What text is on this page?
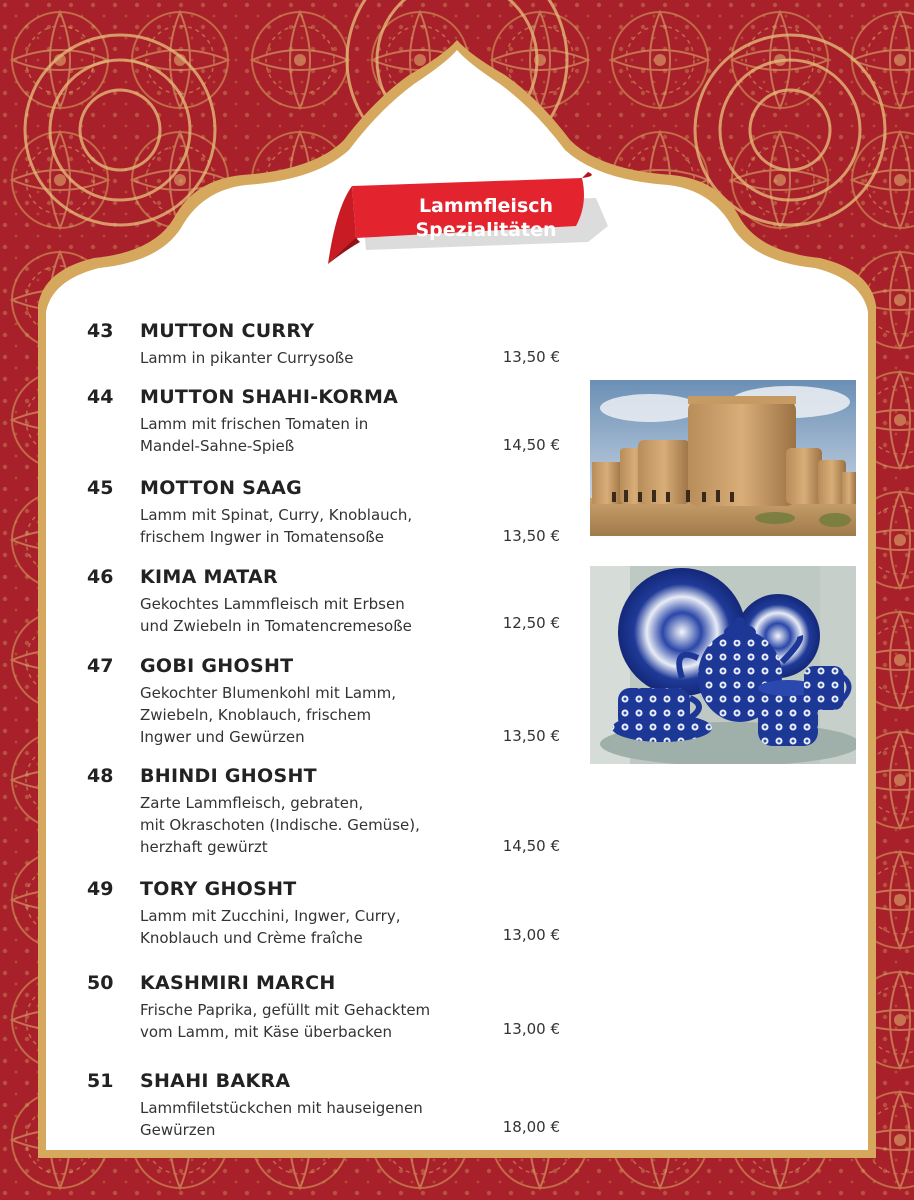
Lammfleisch
Spezialitäten
43 MUTTON CURRY
Lamm in pikanter Currysoße	13,50 €
44 MUTTON SHAHI-KORMA
Lamm mit frischen Tomaten in
Mandel-Sahne-Spieß	14,50 €
45 MOTTON SAAG
Lamm mit Spinat, Curry, Knoblauch,
frischem Ingwer in Tomatensoße	13,50 €
46 KIMA MATAR
Gekochtes Lammfleisch mit Erbsen
und Zwiebeln in Tomatencremesoße	12,50 €
47 GOBI GHOSHT
Gekochter Blumenkohl mit Lamm,
Zwiebeln, Knoblauch, frischem
Ingwer und Gewürzen	13,50 €
48 BHINDI GHOSHT
Zarte Lammfleisch, gebraten,
mit Okraschoten (Indische. Gemüse),
herzhaft gewürzt	14,50 €
49 TORY GHOSHT
Lamm mit Zucchini, Ingwer, Curry,
Knoblauch und Crème fraîche	13,00 €
50 KASHMIRI MARCH
Frische Paprika, gefüllt mit Gehacktem
vom Lamm, mit Käse überbacken	13,00 €
51 SHAHI BAKRA
Lammfiletstückchen mit hauseigenen
Gewürzen	18,00 €
